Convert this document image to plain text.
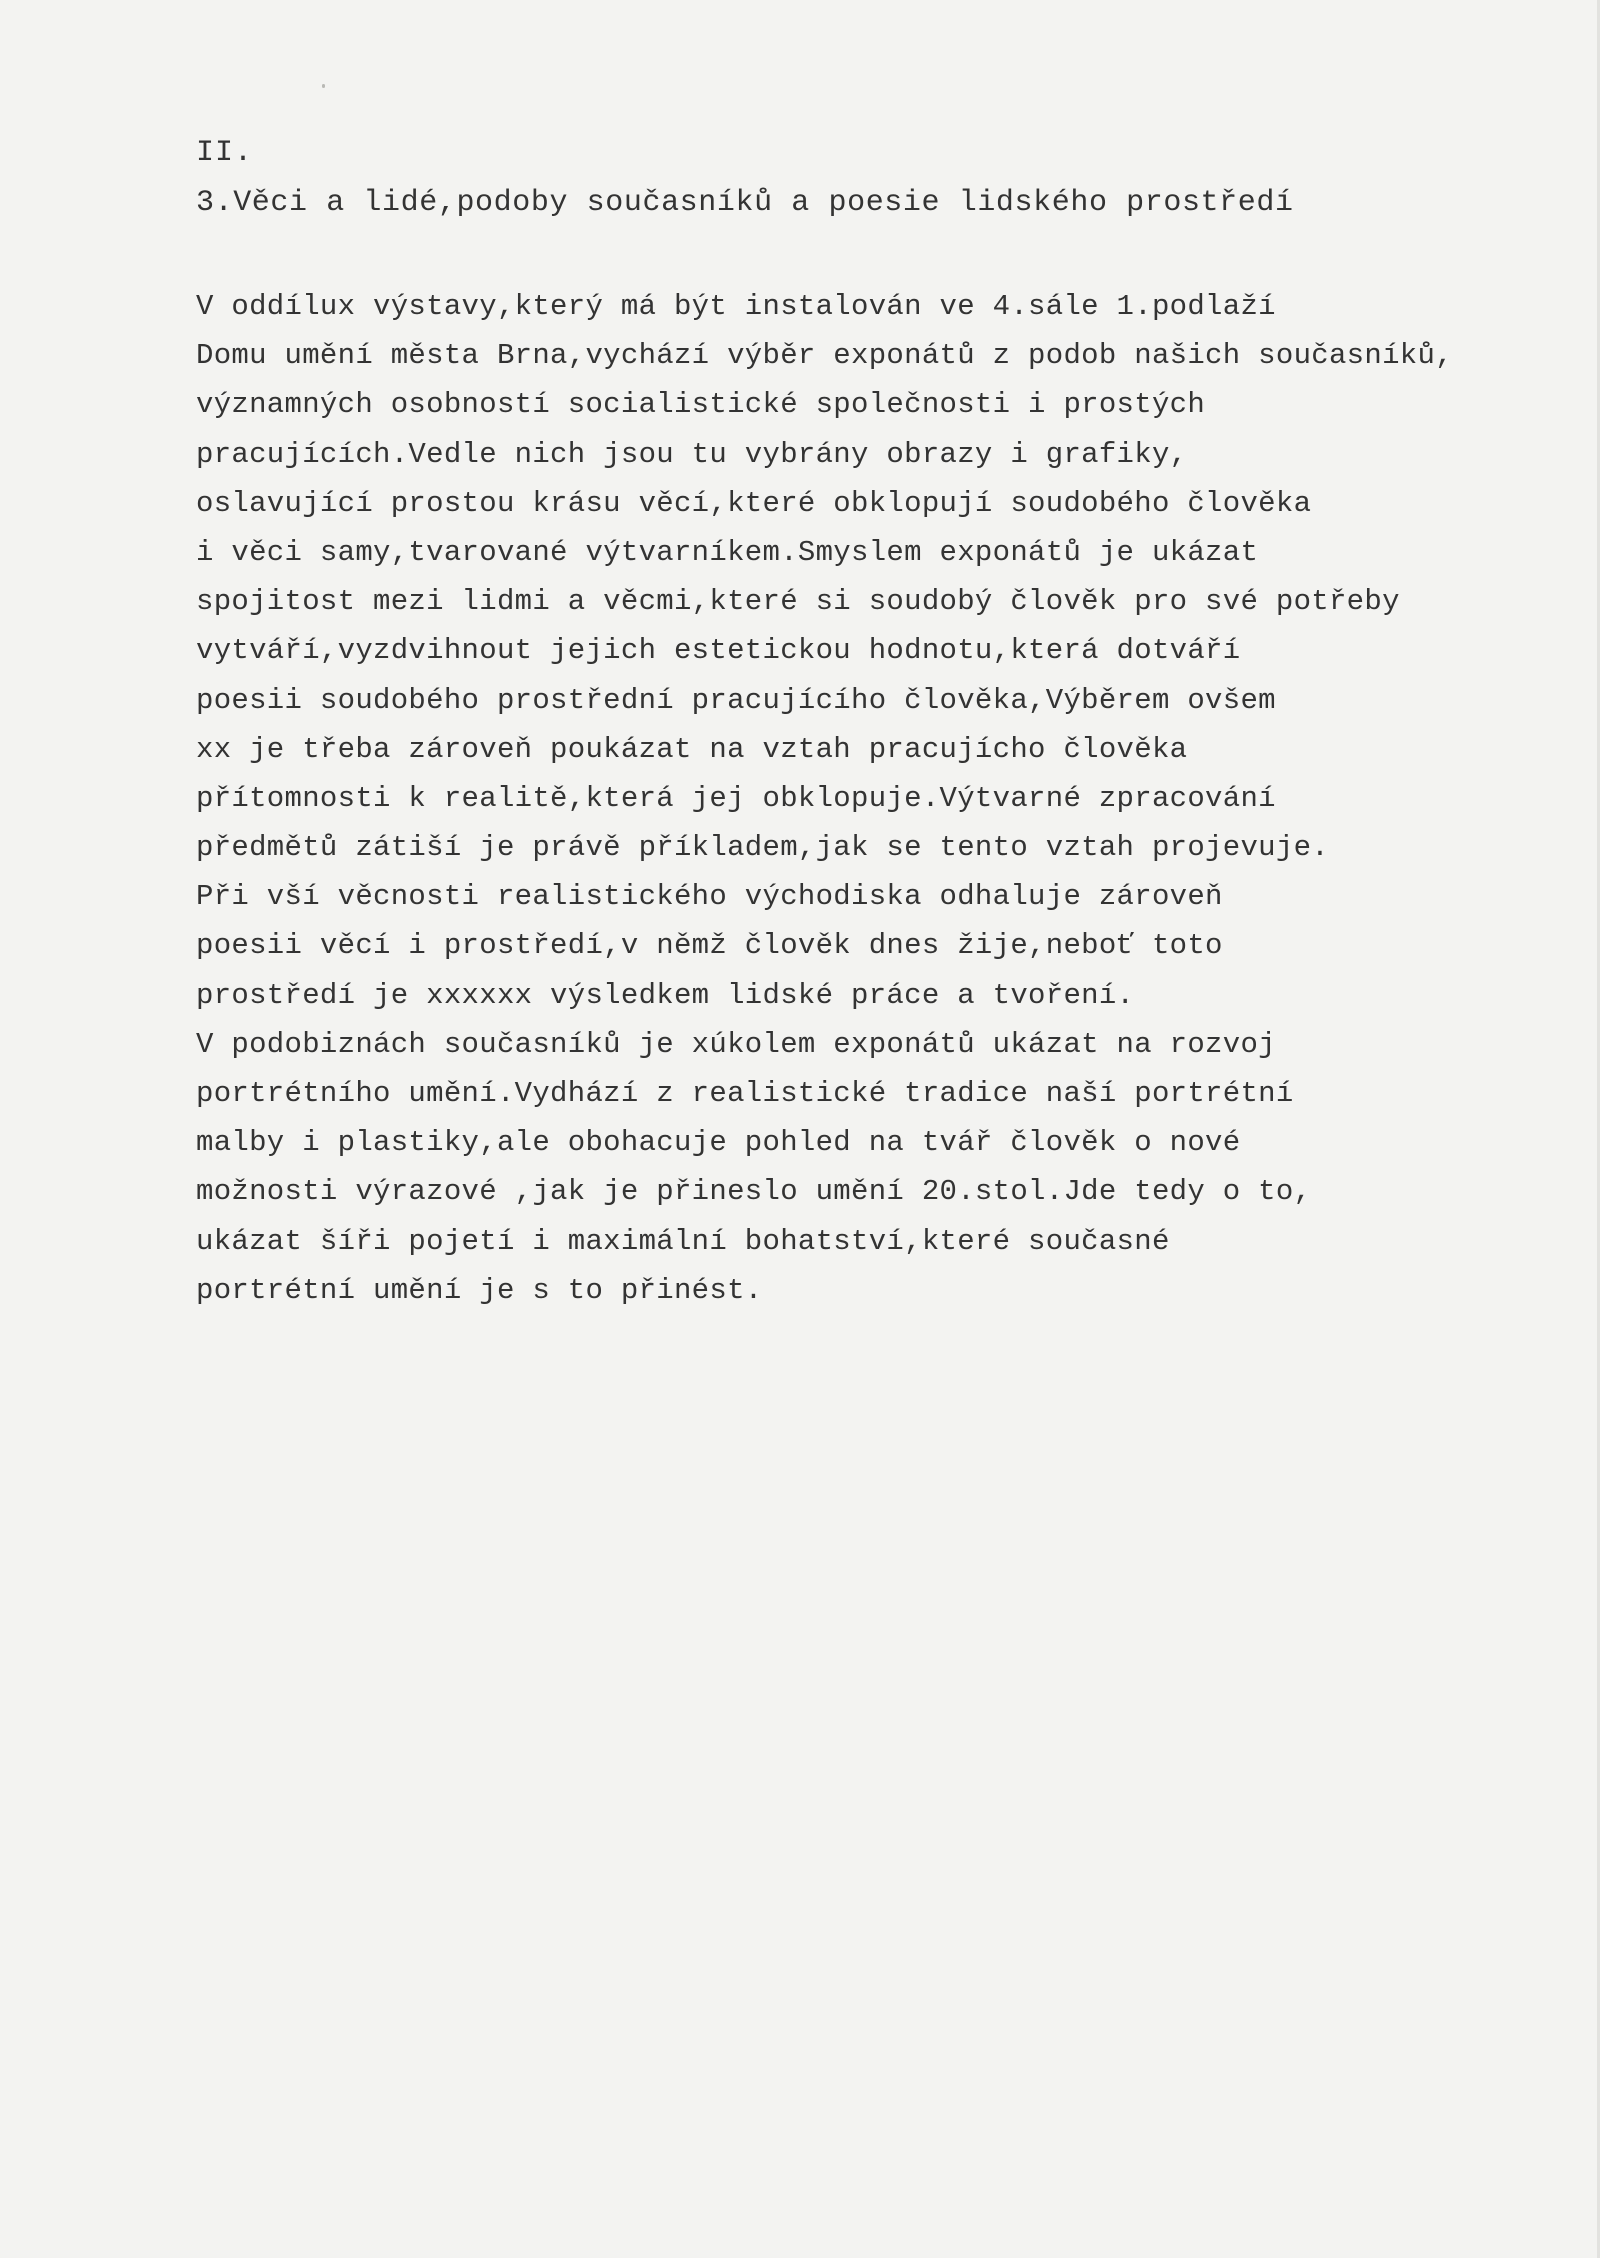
II.

3.Věci a lidé,podoby současníků a poesie lidského prostředí
V oddílux výstavy,který má být instalován ve 4.sále 1.podlaží
Domu umění města Brna,vychází výběr exponátů z podob našich současníků,
významných osobností socialistické společnosti i prostých
pracujících.Vedle nich jsou tu vybrány obrazy i grafiky,
oslavující prostou krásu věcí,které obklopují soudobého člověka
i věci samy,tvarované výtvarníkem.Smyslem exponátů je ukázat
spojitost mezi lidmi a věcmi,které si soudobý člověk pro své potřeby
vytváří,vyzdvihnout jejich estetickou hodnotu,která dotváří
poesii soudobého prostřední pracujícího člověka,Výběrem ovšem
xx je třeba zároveň poukázat na vztah pracujícho člověka
přítomnosti k realitě,která jej obklopuje.Výtvarné zpracování
předmětů zátiší je právě příkladem,jak se tento vztah projevuje.
Při vší věcnosti realistického východiska odhaluje zároveň
poesii věcí i prostředí,v němž člověk dnes žije,neboť toto
prostředí je xxxxxx výsledkem lidské práce a tvoření.
V podobiznách současníků je xúkolem exponátů ukázat na rozvoj
portrétního umění.Vydhází z realistické tradice naší portrétní
malby i plastiky,ale obohacuje pohled na tvář člověk o nové
možnosti výrazové ,jak je přineslo umění 20.stol.Jde tedy o to,
ukázat šíři pojetí i maximální bohatství,které současné
portrétní umění je s to přinést.
